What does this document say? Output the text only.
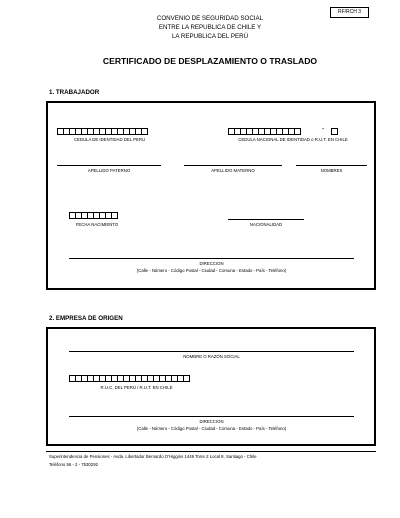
RF/RCH 3
CONVENIO DE SEGURIDAD SOCIAL
ENTRE LA REPUBLICA DE CHILE Y
LA REPUBLICA DEL PERÚ
CERTIFICADO DE DESPLAZAMIENTO O TRASLADO
1. TRABAJADOR
CEDULA DE IDENTIDAD DEL PERU
-
CEDULA NACIONAL DE IDENTIDAD o R.U.T. EN CHILE
APELLIDO PATERNO	APELLIDO MATERNO	NOMBRES
FECHA NACIMIENTO	NACIONALIDAD
DIRECCION
(Calle - Número - Código Postal - Ciudad - Comuna - Estado - País - Teléfono)
2. EMPRESA DE ORIGEN
NOMBRE O RAZÓN SOCIAL
R.U.C. DEL PERÚ / R.U.T. EN CHILE
DIRECCION
(Calle - Número - Código Postal - Ciudad - Comuna - Estado - País - Teléfono)
Superintendencia de Pensiones - Avda. Libertador Bernardo O'Higgins 1449 Torre 2 Local 8, Santiago - Chile
Teléfono 56 - 2 - 7530292
